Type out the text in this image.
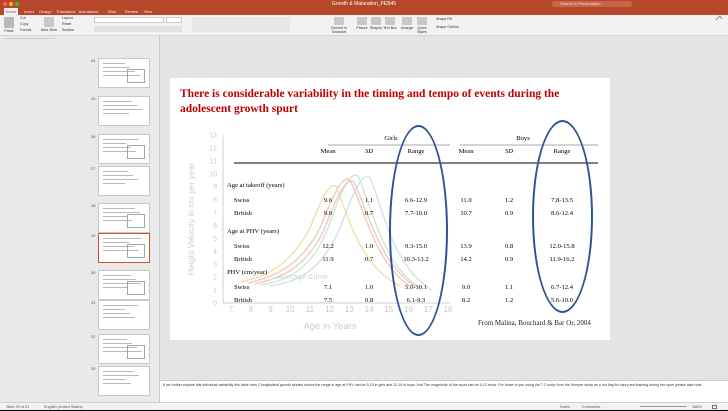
Growth & Maturation_PEB45	Search in Presentation
Home	Insert	Design	Transitions Animations	Slide	Review	View
Paste
Cut
Copy
Format	New Slide
Layout
Reset
Section	Convert to SmartArt
Picture Shapes Text Box	Arrange	Quick Styles
Shape Fill
Shape Outline
—————————————————
24
25
26
27
28
29
30
31
32
33
There is considerable variability in the timing and tempo of events during the adolescent growth spurt
13
12
11
10
9
8
7
6
5
4
3
2
1
0
7 8 9 10 11 12 13 14 15 16 17 18
Height Velocity in cm per year
Age in Years
Average Curve
Girls	Boys
Mean	SD	Range	Mean	SD	Range
Age at takeoff (years)
Swiss	9.6	1.1	6.6-12.9	11.0	1.2	7.8-13.5
British	9.0	0.7	7.7-10.0	10.7	0.9	8.6-12.4
Age at PHV (years)
Swiss	12.2	1.0	9.3-15.0	13.9	0.8	12.0-15.8
British	11.9	0.7	10.3-13.2	14.2	0.9	11.9-16.2
PHV (cm/year)
Swiss	7.1	1.0	5.0-10.1	9.0	1.1	6.7-12.4
British	7.5	0.8	6.1-9.3	8.2	1.2	5.6-10.0
From Malina, Bouchard & Bar Or, 2004
If we further explore this individual variability this table from 2 longitudinal growth studies shows the range in age at PHV can be 9-15 in girls and 12-16 in boys. And The magnitude of the spurt can be 5-12 cm/yr. For those of you using the 7.2 cm/yr from the Kemper study as a not flag for injury and training during the spurt please take note.
Slide 29 of 51	English (United States)	Notes	Comments	166%
